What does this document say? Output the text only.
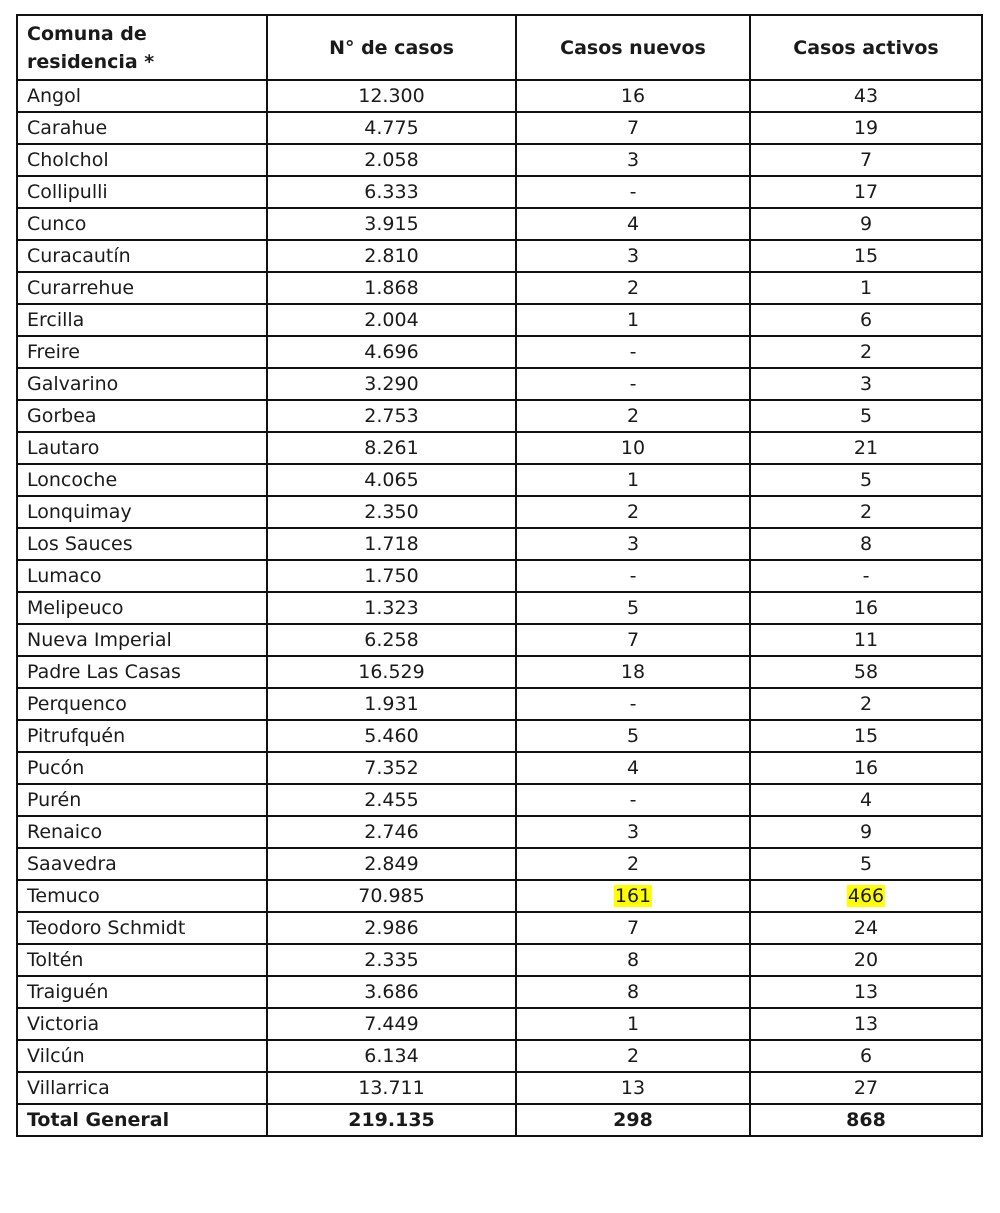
Comuna de residencia *	N° de casos	Casos nuevos	Casos activos
Angol	12.300	16	43
Carahue	4.775	7	19
Cholchol	2.058	3	7
Collipulli	6.333	-	17
Cunco	3.915	4	9
Curacautín	2.810	3	15
Curarrehue	1.868	2	1
Ercilla	2.004	1	6
Freire	4.696	-	2
Galvarino	3.290	-	3
Gorbea	2.753	2	5
Lautaro	8.261	10	21
Loncoche	4.065	1	5
Lonquimay	2.350	2	2
Los Sauces	1.718	3	8
Lumaco	1.750	-	-
Melipeuco	1.323	5	16
Nueva Imperial	6.258	7	11
Padre Las Casas	16.529	18	58
Perquenco	1.931	-	2
Pitrufquén	5.460	5	15
Pucón	7.352	4	16
Purén	2.455	-	4
Renaico	2.746	3	9
Saavedra	2.849	2	5
Temuco	70.985	161	466
Teodoro Schmidt	2.986	7	24
Toltén	2.335	8	20
Traiguén	3.686	8	13
Victoria	7.449	1	13
Vilcún	6.134	2	6
Villarrica	13.711	13	27
Total General	219.135	298	868
